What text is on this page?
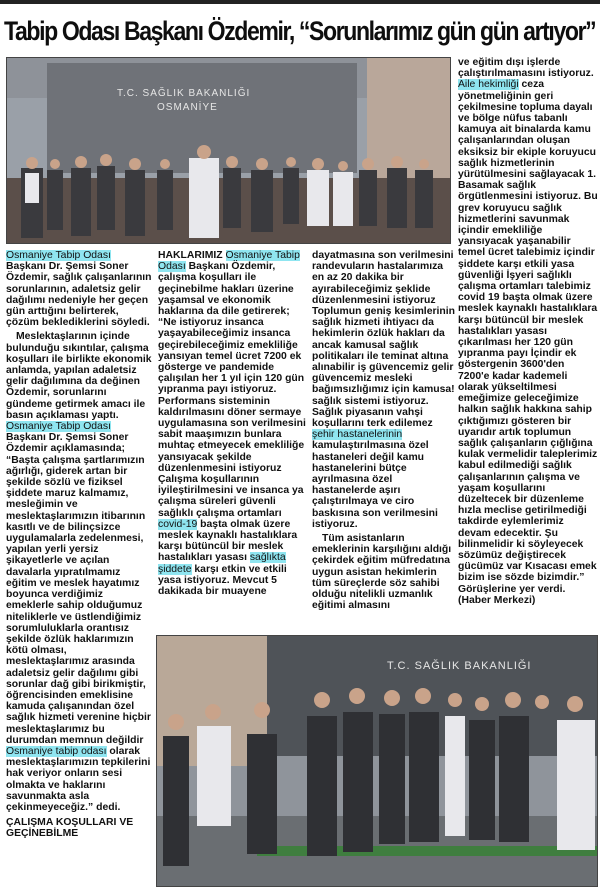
Tabip Odası Başkanı Özdemir, “Sorunlarımız gün gün artıyor”
T.C. SAĞLIK BAKANLIĞI
OSMANİYE

Osmaniye Tabip Odası Başkanı Dr. Şemsi Soner Özdemir, sağlık çalışanlarının sorunlarının, adaletsiz gelir dağılımı nedeniyle her geçen gün arttığını belirterek, çözüm beklediklerini söyledi.

Meslektaşlarının içinde bulunduğu sıkıntılar, çalışma koşulları ile birlikte ekonomik anlamda, yapılan adaletsiz gelir dağılımına da değinen Özdemir, sorunlarını gündeme getirmek amacı ile basın açıklaması yaptı. Osmaniye Tabip Odası Başkanı Dr. Şemsi Soner Özdemir açıklamasında; “Başta çalışma şartlarımızın ağırlığı, giderek artan bir şekilde sözlü ve fiziksel şiddete maruz kalmamız, mesleğimin ve meslektaşlarımızın itibarının kasıtlı ve de bilinçsizce uygulamalarla zedelenmesi, yapılan yerli yersiz şikayetlerle ve açılan davalarla yıpratılmamız eğitim ve meslek hayatımız boyunca verdiğimiz emeklerle sahip olduğumuz niteliklerle ve üstlendiğimiz sorumluluklarla orantısız şekilde özlük haklarımızın kötü olması, meslektaşlarımız arasında adaletsiz gelir dağılımı gibi sorunlar dağ gibi birikmiştir, öğrencisinden emeklisine kamuda çalışanından özel sağlık hizmeti verenine hiçbir meslektaşlarımız bu durumdan memnun değildir Osmaniye tabip odası olarak meslektaşlarımızın tepkilerini hak veriyor onların sesi olmakta ve haklarını savunmakta asla çekinmeyeceğiz.” dedi.

ÇALIŞMA KOŞULLARI VE GEÇİNEBİLME

HAKLARIMIZ Osmaniye Tabip Odası Başkanı Özdemir, çalışma koşulları ile geçinebilme hakları üzerine yaşamsal ve ekonomik haklarına da dile getirerek; “Ne istiyoruz insanca yaşayabileceğimiz insanca geçirebileceğimiz emekliliğe yansıyan temel ücret 7200 ek gösterge ve pandemide çalışılan her 1 yıl için 120 gün yıpranma payı istiyoruz. Performans sisteminin kaldırılmasını döner sermaye uygulamasına son verilmesini sabit maaşımızın bunlara muhtaç etmeyecek emekliliğe yansıyacak şekilde düzenlenmesini istiyoruz Çalışma koşullarının iyileştirilmesini ve insanca ya çalışma süreleri güvenli sağlıklı çalışma ortamları covid-19 başta olmak üzere meslek kaynaklı hastalıklara karşı bütüncül bir meslek hastalıkları yasası sağlıkta şiddete karşı etkin ve etkili yasa istiyoruz. Mevcut 5 dakikada bir muayene

dayatmasına son verilmesini randevuların hastalarımıza en az 20 dakika bir ayırabileceğimiz şeklide düzenlenmesini istiyoruz Toplumun geniş kesimlerinin sağlık hizmeti ihtiyacı da hekimlerin özlük hakları da ancak kamusal sağlık politikaları ile teminat altına alınabilir iş güvencemiz gelir güvencemiz mesleki bağımsızlığımız için kamusa! sağlık sistemi istiyoruz. Sağlık piyasanın vahşi koşullarını terk edilemez şehir hastanelerinin kamulaştırılmasına özel hastaneleri değil kamu hastanelerini bütçe ayrılmasına özel hastanelerde aşırı çalıştırılmaya ve ciro baskısına son verilmesini istiyoruz.

Tüm asistanların emeklerinin karşılığını aldığı çekirdek eğitim müfredatına uygun asistan hekimlerin tüm süreçlerde söz sahibi olduğu nitelikli uzmanlık eğitimi almasını

ve eğitim dışı işlerde çalıştırılmamasını istiyoruz. Aile hekimliği ceza yönetmeliğinin geri çekilmesine topluma dayalı ve bölge nüfus tabanlı kamuya ait binalarda kamu çalışanlarından oluşan eksiksiz bir ekiple koruyucu sağlık hizmetlerinin yürütülmesini sağlayacak 1. Basamak sağlık örgütlenmesini istiyoruz. Bu grev koruyucu sağlık hizmetlerini savunmak içindir emekliliğe yansıyacak yaşanabilir temel ücret talebimiz içindir şiddete karşı etkili yasa güvenliği İşyeri sağlıklı çalışma ortamları talebimiz covid 19 başta olmak üzere meslek kaynaklı hastalıklara karşı bütüncül bir meslek hastalıkları yasası çıkarılması her 120 gün yıpranma payı İçindir ek göstergenin 3600'den 7200'e kadar kademeli olarak yükseltilmesi emeğimize geleceğimize halkın sağlık hakkına sahip çıktığımızı gösteren bir uyarıdır artık toplumun sağlık çalışanların çığlığına kulak vermelidir taleplerimiz kabul edilmediği sağlık çalışanlarının çalışma ve yaşam koşullarını düzeltecek bir düzenleme hızla meclise getirilmediği takdirde eylemlerimiz devam edecektir. Şu bilinmelidir ki söyleyecek sözümüz değiştirecek gücümüz var Kısacası emek bizim ise sözde bizimdir.” Görüşlerine yer verdi. (Haber Merkezi)

T.C. SAĞLIK BAKANLIĞI
